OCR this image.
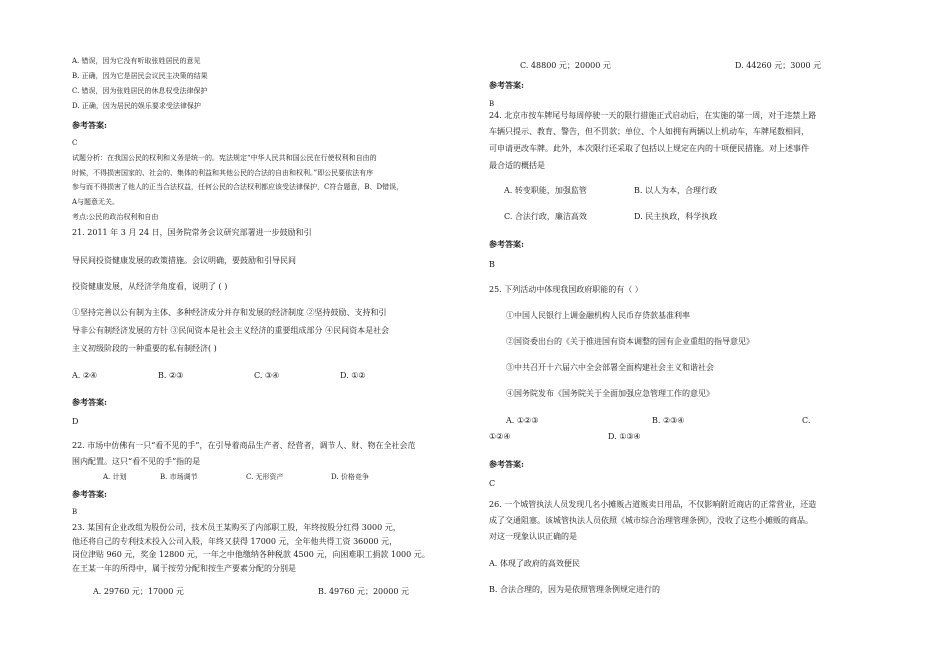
A. 错误，因为它没有听取张姓居民的意见
B. 正确，因为它是居民会议民主决策的结果
C. 错误，因为张姓居民的休息权受法律保护
D. 正确，因为居民的娱乐要求受法律保护
参考答案:
C
试题分析：在我国公民的权利和义务是统一的。宪法规定“中华人民共和国公民在行使权利和自由的
时候，不得损害国家的、社会的、集体的利益和其他公民的合法的自由和权利。”即公民要依法有序
参与而不得损害了他人的正当合法权益，任何公民的合法权利都应该受法律保护，C符合题意，B、D错误，
A与题意无关。
考点:公民的政治权利和自由
21. 2011 年 3 月 24 日，国务院常务会议研究部署进一步鼓励和引
导民间投资健康发展的政策措施。会议明确，要鼓励和引导民间
投资健康发展，从经济学角度看，说明了 ( )
①坚持完善以公有制为主体、多种经济成分并存和发展的经济制度 ②坚持鼓励、支持和引
导非公有制经济发展的方针 ③民间资本是社会主义经济的重要组成部分 ④民间资本是社会
主义初级阶段的一种重要的私有制经济( )
A. ②④	B. ②③	C. ③④	D. ①②
参考答案:
D
22. 市场中仿佛有一只“看不见的手”，在引导着商品生产者、经营者，调节人、财、物在全社会范
围内配置。这只“看不见的手”指的是
A. 计划	B. 市场调节	C. 无形资产	D. 价格竞争
参考答案:
B
23. 某国有企业改组为股份公司，技术员王某购买了内部职工股，年终按股分红得 3000 元，
他还将自己的专利技术投入公司入股，年终又获得 17000 元，全年他共得工资 36000 元，
岗位津贴 960 元，奖金 12800 元，一年之中他缴纳各种税款 4500 元，向困难职工捐款 1000 元。
在王某一年的所得中，属于按劳分配和按生产要素分配的分别是
A. 29760 元；17000 元	B. 49760 元；20000 元
C. 48800 元；20000 元	D. 44260 元；3000 元
参考答案:
B
24. 北京市按车牌尾号每周停驶一天的限行措施正式启动后，在实施的第一周，对于违禁上路
车辆只提示、教育、警告，但不罚款；单位、个人如拥有两辆以上机动车，车牌尾数相同，
可申请更改车牌。此外，本次限行还采取了包括以上规定在内的十项便民措施。对上述事件
最合适的概括是
A. 转变职能，加强监管	B. 以人为本，合理行政
C. 合法行政，廉洁高效	D. 民主执政，科学执政
参考答案:
B
25. 下列活动中体现我国政府职能的有（ ）
①中国人民银行上调金融机构人民币存贷款基准利率
②国资委出台的《关于推进国有资本调整的国有企业重组的指导意见》
③中共召开十六届六中全会部署全面构建社会主义和谐社会
④国务院发布《国务院关于全面加强应急管理工作的意见》
A. ①②③	B. ②③④	C.
①②④	D. ①③④
参考答案:
C
26. 一个城管执法人员发现几名小摊贩占道贩卖日用品，不仅影响附近商店的正常营业，还造
成了交通阻塞。该城管执法人员依照《城市综合治理管理条例》，没收了这些小摊贩的商品。
对这一现象认识正确的是
A. 体现了政府的高效便民
B. 合法合理的，因为是依照管理条例规定进行的
